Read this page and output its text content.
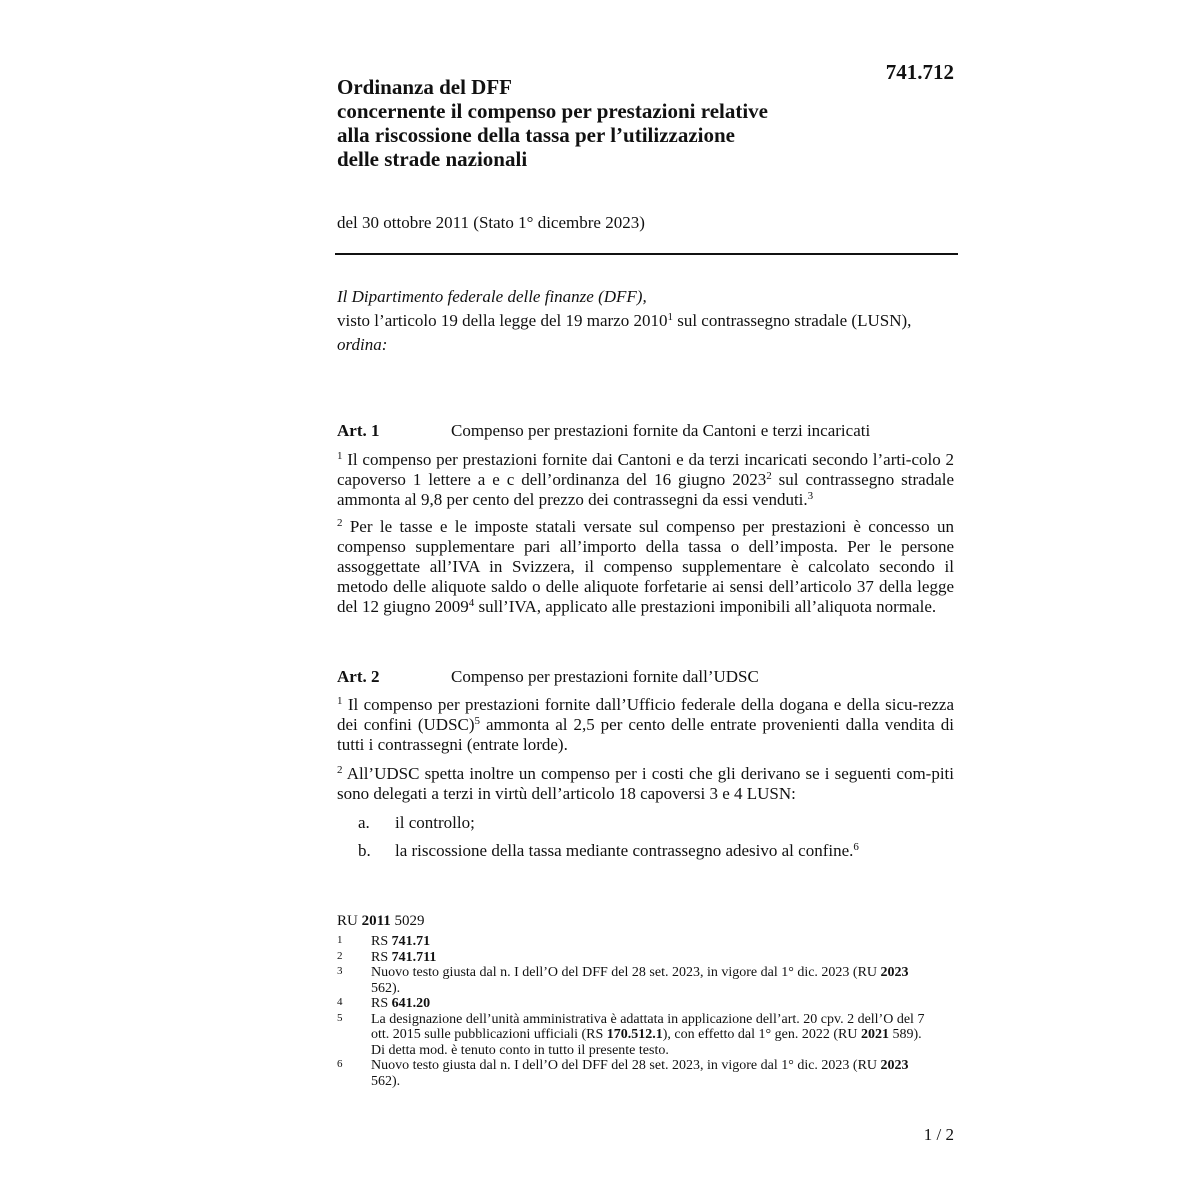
741.712
Ordinanza del DFF
concernente il compenso per prestazioni relative
alla riscossione della tassa per l’utilizzazione
delle strade nazionali
del 30 ottobre 2011 (Stato 1° dicembre 2023)
Il Dipartimento federale delle finanze (DFF),
visto l’articolo 19 della legge del 19 marzo 2010$^1$ sul contrassegno stradale (LUSN),
ordina:
Art. 1	Compenso per prestazioni fornite da Cantoni e terzi incaricati
$^1$ Il compenso per prestazioni fornite dai Cantoni e da terzi incaricati secondo l’arti-colo 2 capoverso 1 lettere a e c dell’ordinanza del 16 giugno 2023$^2$ sul contrassegno stradale ammonta al 9,8 per cento del prezzo dei contrassegni da essi venduti.$^3$
$^2$ Per le tasse e le imposte statali versate sul compenso per prestazioni è concesso un compenso supplementare pari all’importo della tassa o dell’imposta. Per le persone assoggettate all’IVA in Svizzera, il compenso supplementare è calcolato secondo il metodo delle aliquote saldo o delle aliquote forfetarie ai sensi dell’articolo 37 della legge del 12 giugno 2009$^4$ sull’IVA, applicato alle prestazioni imponibili all’aliquota normale.
Art. 2	Compenso per prestazioni fornite dall’UDSC
$^1$ Il compenso per prestazioni fornite dall’Ufficio federale della dogana e della sicu-rezza dei confini (UDSC)$^5$ ammonta al 2,5 per cento delle entrate provenienti dalla vendita di tutti i contrassegni (entrate lorde).
$^2$ All’UDSC spetta inoltre un compenso per i costi che gli derivano se i seguenti com-piti sono delegati a terzi in virtù dell’articolo 18 capoversi 3 e 4 LUSN:
a. il controllo;
b. la riscossione della tassa mediante contrassegno adesivo al confine.$^6$
RU 2011 5029
1	RS 741.71
2	RS 741.711
3	Nuovo testo giusta dal n. I dell’O del DFF del 28 set. 2023, in vigore dal 1° dic. 2023 (RU 2023 562).
4	RS 641.20
5	La designazione dell’unità amministrativa è adattata in applicazione dell’art. 20 cpv. 2 dell’O del 7 ott. 2015 sulle pubblicazioni ufficiali (RS 170.512.1), con effetto dal 1° gen. 2022 (RU 2021 589). Di detta mod. è tenuto conto in tutto il presente testo.
6	Nuovo testo giusta dal n. I dell’O del DFF del 28 set. 2023, in vigore dal 1° dic. 2023 (RU 2023 562).
1 / 2
